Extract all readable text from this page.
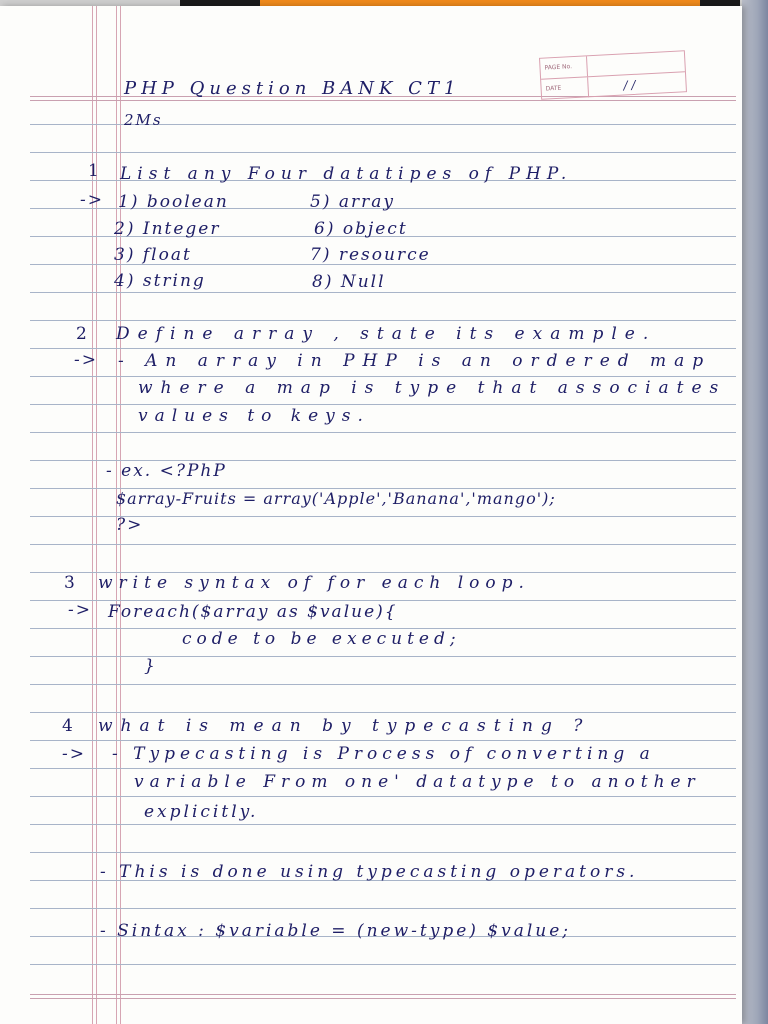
PAGE No.
DATE	/ /
PHP Question BANK CT1
2Ms
1 List any Four datatipes of PHP.
-> 1) boolean	5) array
2) Integer	6) object
3) float	7) resource
4) string	8) Null
2 Define array , state its example.
-> - An array in PHP is an ordered map
where a map is type that associates
values to keys.
- ex. <?PhP
$array-Fruits = array('Apple','Banana','mango');
?>
3 write syntax of for each loop.
-> Foreach($array as $value){
code to be executed;
}
4 what is mean by typecasting ?
-> - Typecasting is Process of converting a
variable From one' datatype to another
explicitly.
- This is done using typecasting operators.
- Sintax : $variable = (new-type) $value;
